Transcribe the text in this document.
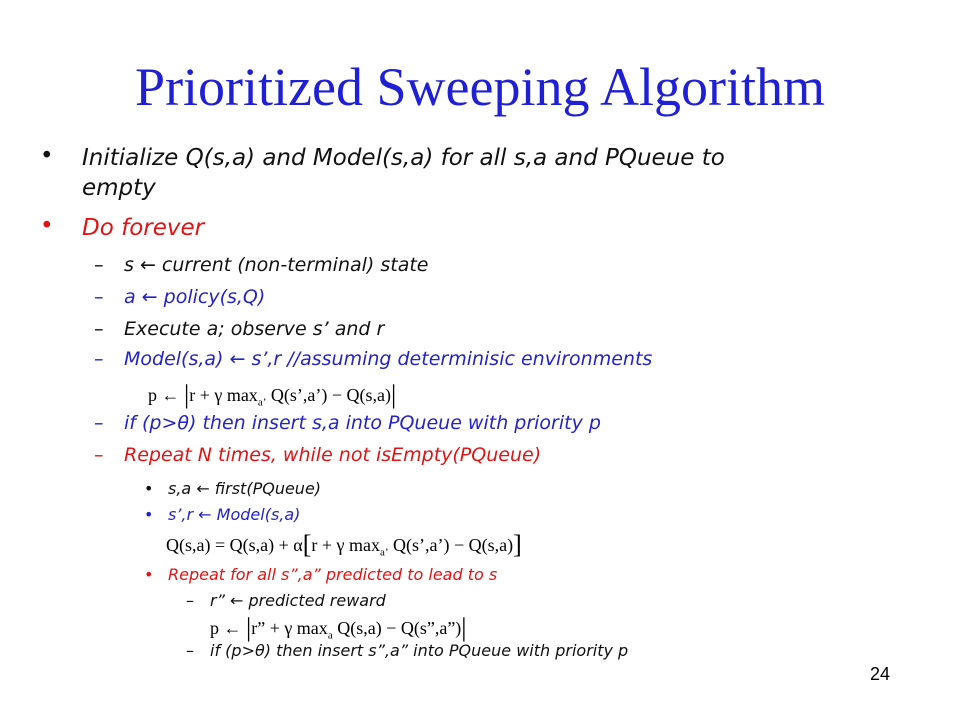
Prioritized Sweeping Algorithm
• Initialize Q(s,a) and Model(s,a) for all s,a and PQueue to
empty
• Do forever
– s ← current (non-terminal) state
– a ← policy(s,Q)
– Execute a; observe s’ and r
– Model(s,a) ← s’,r //assuming determinisic environments
p ← |r + γ $\max_{a’}$ Q(s’,a’) − Q(s,a)|
– if (p>θ) then insert s,a into PQueue with priority p
– Repeat N times, while not isEmpty(PQueue)
• s,a ← first(PQueue)
• s’,r ← Model(s,a)
Q(s,a) = Q(s,a) + α[r + γ $\max_{a’}$ Q(s’,a’) − Q(s,a)]
• Repeat for all s”,a” predicted to lead to s
– r” ← predicted reward
p ← |r” + γ $\max_a Q(s,a)$ − Q(s”,a”)|
– if (p>θ) then insert s”,a” into PQueue with priority p
24
